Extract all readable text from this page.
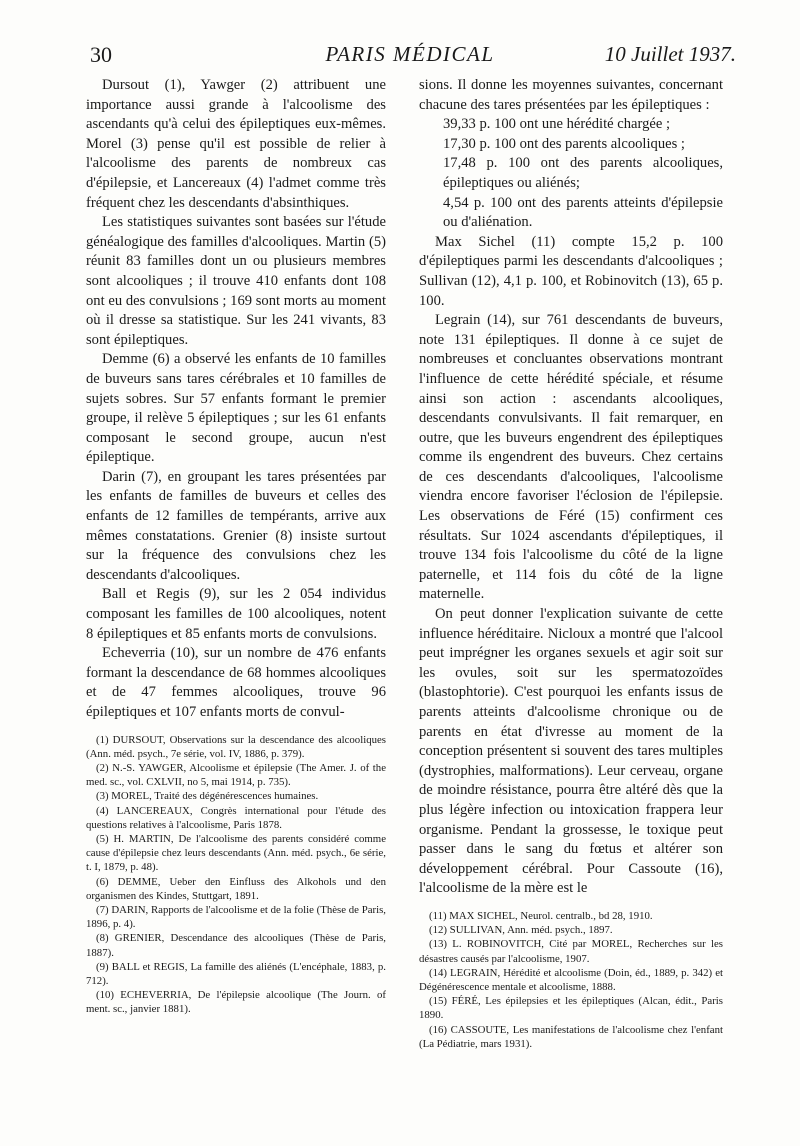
30	PARIS MÉDICAL	10 Juillet 1937.

Dursout (1), Yawger (2) attribuent une importance aussi grande à l'alcoolisme des ascendants qu'à celui des épileptiques eux-mêmes. Morel (3) pense qu'il est possible de relier à l'alcoolisme des parents de nombreux cas d'épilepsie, et Lancereaux (4) l'admet comme très fréquent chez les descendants d'absinthiques.

Les statistiques suivantes sont basées sur l'étude généalogique des familles d'alcooliques. Martin (5) réunit 83 familles dont un ou plusieurs membres sont alcooliques ; il trouve 410 enfants dont 108 ont eu des convulsions ; 169 sont morts au moment où il dresse sa statistique. Sur les 241 vivants, 83 sont épileptiques.

Demme (6) a observé les enfants de 10 familles de buveurs sans tares cérébrales et 10 familles de sujets sobres. Sur 57 enfants formant le premier groupe, il relève 5 épileptiques ; sur les 61 enfants composant le second groupe, aucun n'est épileptique.

Darin (7), en groupant les tares présentées par les enfants de familles de buveurs et celles des enfants de 12 familles de tempérants, arrive aux mêmes constatations. Grenier (8) insiste surtout sur la fréquence des convulsions chez les descendants d'alcooliques.

Ball et Regis (9), sur les 2 054 individus composant les familles de 100 alcooliques, notent 8 épileptiques et 85 enfants morts de convulsions.

Echeverria (10), sur un nombre de 476 enfants formant la descendance de 68 hommes alcooliques et de 47 femmes alcooliques, trouve 96 épileptiques et 107 enfants morts de convul-

(1) DURSOUT, Observations sur la descendance des alcooliques (Ann. méd. psych., 7e série, vol. IV, 1886, p. 379).

(2) N.-S. YAWGER, Alcoolisme et épilepsie (The Amer. J. of the med. sc., vol. CXLVII, no 5, mai 1914, p. 735).

(3) MOREL, Traité des dégénérescences humaines.

(4) LANCEREAUX, Congrès international pour l'étude des questions relatives à l'alcoolisme, Paris 1878.

(5) H. MARTIN, De l'alcoolisme des parents considéré comme cause d'épilepsie chez leurs descendants (Ann. méd. psych., 6e série, t. I, 1879, p. 48).

(6) DEMME, Ueber den Einfluss des Alkohols und den organismen des Kindes, Stuttgart, 1891.

(7) DARIN, Rapports de l'alcoolisme et de la folie (Thèse de Paris, 1896, p. 4).

(8) GRENIER, Descendance des alcooliques (Thèse de Paris, 1887).

(9) BALL et REGIS, La famille des aliénés (L'encéphale, 1883, p. 712).

(10) ECHEVERRIA, De l'épilepsie alcoolique (The Journ. of ment. sc., janvier 1881).

sions. Il donne les moyennes suivantes, concernant chacune des tares présentées par les épileptiques :

39,33 p. 100 ont une hérédité chargée ;

17,30 p. 100 ont des parents alcooliques ;

17,48 p. 100 ont des parents alcooliques, épileptiques ou aliénés;

4,54 p. 100 ont des parents atteints d'épilepsie ou d'aliénation.

Max Sichel (11) compte 15,2 p. 100 d'épileptiques parmi les descendants d'alcooliques ; Sullivan (12), 4,1 p. 100, et Robinovitch (13), 65 p. 100.

Legrain (14), sur 761 descendants de buveurs, note 131 épileptiques. Il donne à ce sujet de nombreuses et concluantes observations montrant l'influence de cette hérédité spéciale, et résume ainsi son action : ascendants alcooliques, descendants convulsivants. Il fait remarquer, en outre, que les buveurs engendrent des épileptiques comme ils engendrent des buveurs. Chez certains de ces descendants d'alcooliques, l'alcoolisme viendra encore favoriser l'éclosion de l'épilepsie. Les observations de Féré (15) confirment ces résultats. Sur 1024 ascendants d'épileptiques, il trouve 134 fois l'alcoolisme du côté de la ligne paternelle, et 114 fois du côté de la ligne maternelle.

On peut donner l'explication suivante de cette influence héréditaire. Nicloux a montré que l'alcool peut imprégner les organes sexuels et agir soit sur les ovules, soit sur les spermatozoïdes (blastophtorie). C'est pourquoi les enfants issus de parents atteints d'alcoolisme chronique ou de parents en état d'ivresse au moment de la conception présentent si souvent des tares multiples (dystrophies, malformations). Leur cerveau, organe de moindre résistance, pourra être altéré dès que la plus légère infection ou intoxication frappera leur organisme. Pendant la grossesse, le toxique peut passer dans le sang du fœtus et altérer son développement cérébral. Pour Cassoute (16), l'alcoolisme de la mère est le

(11) MAX SICHEL, Neurol. centralb., bd 28, 1910.

(12) SULLIVAN, Ann. méd. psych., 1897.

(13) L. ROBINOVITCH, Cité par MOREL, Recherches sur les désastres causés par l'alcoolisme, 1907.

(14) LEGRAIN, Hérédité et alcoolisme (Doin, éd., 1889, p. 342) et Dégénérescence mentale et alcoolisme, 1888.

(15) FÉRÉ, Les épilepsies et les épileptiques (Alcan, édit., Paris 1890.

(16) CASSOUTE, Les manifestations de l'alcoolisme chez l'enfant (La Pédiatrie, mars 1931).
